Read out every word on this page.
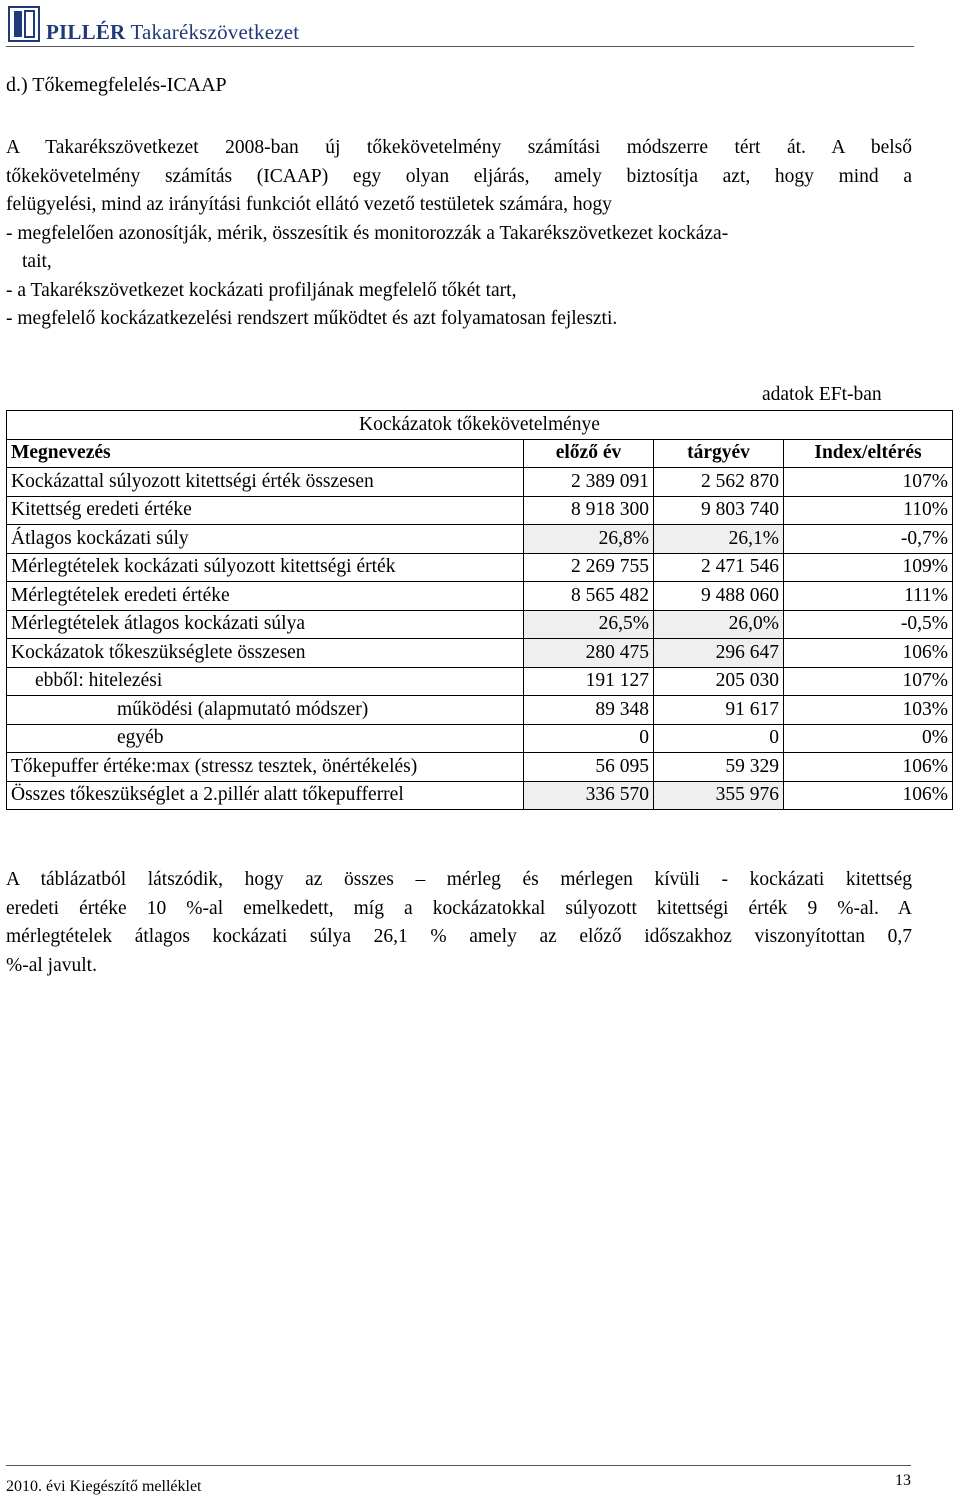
PILLÉR Takarékszövetkezet
d.) Tőkemegfelelés-ICAAP
A Takarékszövetkezet 2008-ban új tőkekövetelmény számítási módszerre tért át. A belső
tőkekövetelmény számítás (ICAAP) egy olyan eljárás, amely biztosítja azt, hogy mind a
felügyelési, mind az irányítási funkciót ellátó vezető testületek számára, hogy
- megfelelően azonosítják, mérik, összesítik és monitorozzák a Takarékszövetkezet kockáza-
tait,
- a Takarékszövetkezet kockázati profiljának megfelelő tőkét tart,
- megfelelő kockázatkezelési rendszert működtet és azt folyamatosan fejleszti.
adatok EFt-ban
Kockázatok tőkekövetelménye			
Megnevezés	előző év	tárgyév	Index/eltérés
Kockázattal súlyozott kitettségi érték összesen	2 389 091	2 562 870	107%
Kitettség eredeti értéke	8 918 300	9 803 740	110%
Átlagos kockázati súly	26,8%	26,1%	-0,7%
Mérlegtételek kockázati súlyozott kitettségi érték	2 269 755	2 471 546	109%
Mérlegtételek eredeti értéke	8 565 482	9 488 060	111%
Mérlegtételek átlagos kockázati súlya	26,5%	26,0%	-0,5%
Kockázatok tőkeszükséglete összesen	280 475	296 647	106%
ebből: hitelezési	191 127	205 030	107%
működési (alapmutató módszer)	89 348	91 617	103%
egyéb	0	0	0%
Tőkepuffer értéke:max (stressz tesztek, önértékelés)	56 095	59 329	106%
Összes tőkeszükséglet a 2.pillér alatt tőkepufferrel	336 570	355 976	106%
A táblázatból látszódik, hogy az összes – mérleg és mérlegen kívüli - kockázati kitettség
eredeti értéke 10 %-al emelkedett, míg a kockázatokkal súlyozott kitettségi érték 9 %-al. A
mérlegtételek átlagos kockázati súlya 26,1 % amely az előző időszakhoz viszonyítottan 0,7
%-al javult.
2010. évi Kiegészítő melléklet	13
